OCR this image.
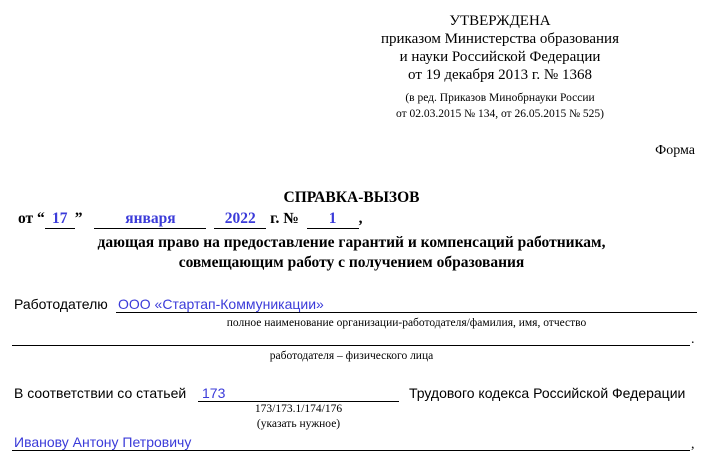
УТВЕРЖДЕНА
приказом Министерства образования
и науки Российской Федерации
от 19 декабря 2013 г. № 1368
(в ред. Приказов Минобрнауки России
от 02.03.2015 № 134, от 26.05.2015 № 525)
Форма
СПРАВКА-ВЫЗОВ
от “ 17 ”	января	2022 г. № 1 ,
дающая право на предоставление гарантий и компенсаций работникам,
совмещающим работу с получением образования
Работодателю ООО «Стартап-Коммуникации»
полное наименование организации-работодателя/фамилия, имя, отчество
.
работодателя – физического лица
В соответствии со статьей 173	Трудового кодекса Российской Федерации
173/173.1/174/176
(указать нужное)
Иванову Антону Петровичу	,
